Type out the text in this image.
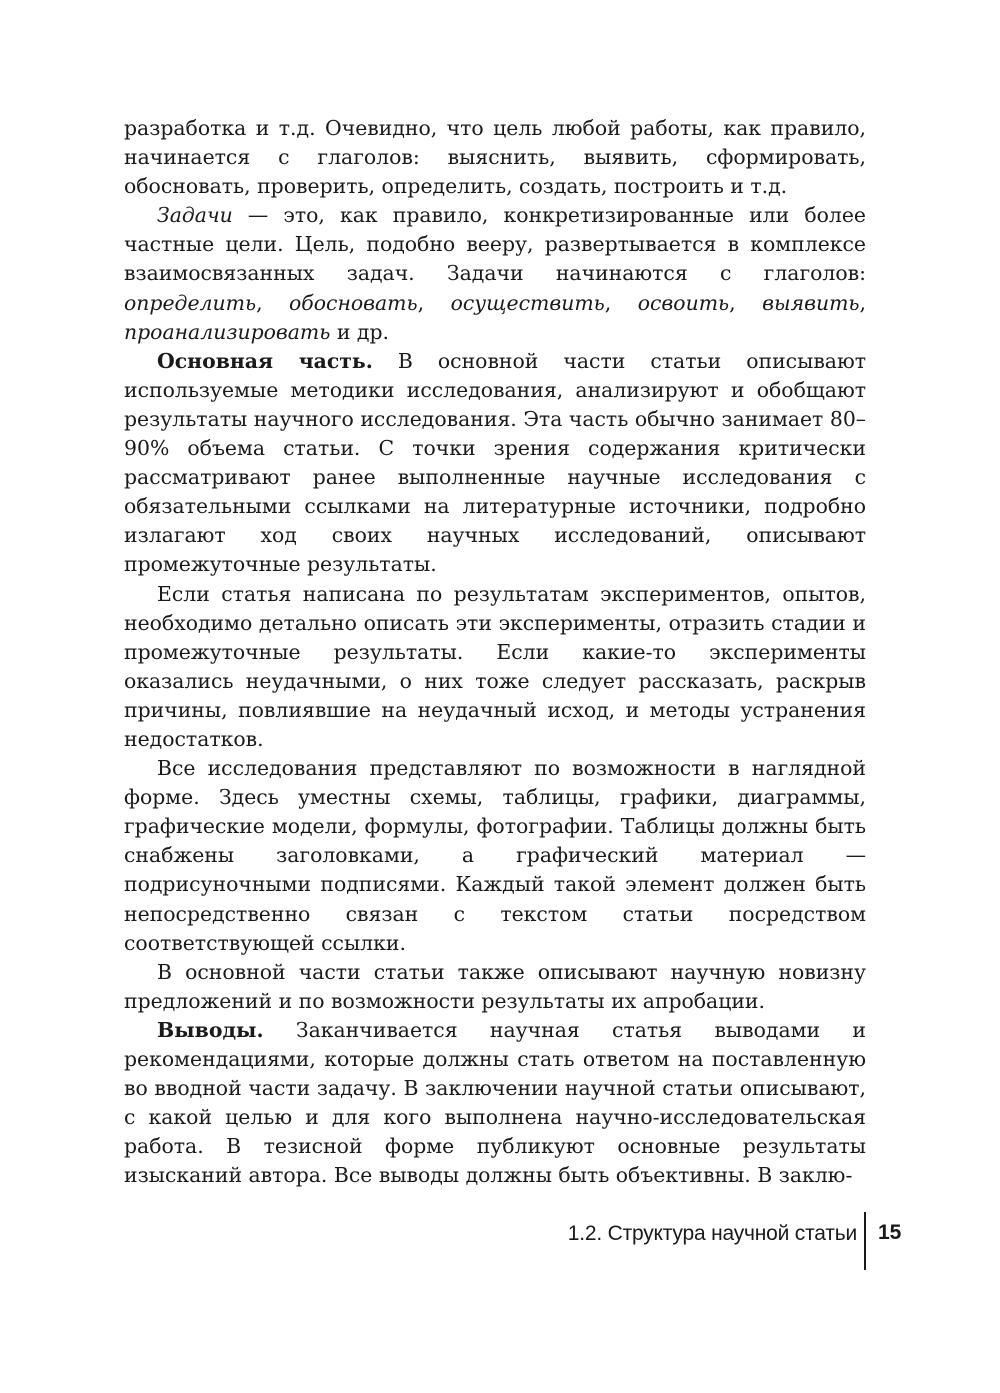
разработка и т.д. Очевидно, что цель любой работы, как правило, начинается с глаголов: выяснить, выявить, сформировать, обосновать, проверить, определить, создать, построить и т.д.

Задачи — это, как правило, конкретизированные или более частные цели. Цель, подобно вееру, развертывается в комплексе взаимосвязанных задач. Задачи начинаются с глаголов: определить, обосновать, осуществить, освоить, выявить, проанализировать и др.

Основная часть. В основной части статьи описывают используемые методики исследования, анализируют и обобщают результаты научного исследования. Эта часть обычно занимает 80–90% объема статьи. С точки зрения содержания критически рассматривают ранее выполненные научные исследования с обязательными ссылками на литературные источники, подробно излагают ход своих научных исследований, описывают промежуточные результаты.

Если статья написана по результатам экспериментов, опытов, необходимо детально описать эти эксперименты, отразить стадии и промежуточные результаты. Если какие-то эксперименты оказались неудачными, о них тоже следует рассказать, раскрыв причины, повлиявшие на неудачный исход, и методы устранения недостатков.

Все исследования представляют по возможности в наглядной форме. Здесь уместны схемы, таблицы, графики, диаграммы, графические модели, формулы, фотографии. Таблицы должны быть снабжены заголовками, а графический материал — подрисуночными подписями. Каждый такой элемент должен быть непосредственно связан с текстом статьи посредством соответствующей ссылки.

В основной части статьи также описывают научную новизну предложений и по возможности результаты их апробации.

Выводы. Заканчивается научная статья выводами и рекомендациями, которые должны стать ответом на поставленную во вводной части задачу. В заключении научной статьи описывают, с какой целью и для кого выполнена научно-исследовательская работа. В тезисной форме публикуют основные результаты изысканий автора. Все выводы должны быть объективны. В заклю-

1.2. Структура научной статьи 15
